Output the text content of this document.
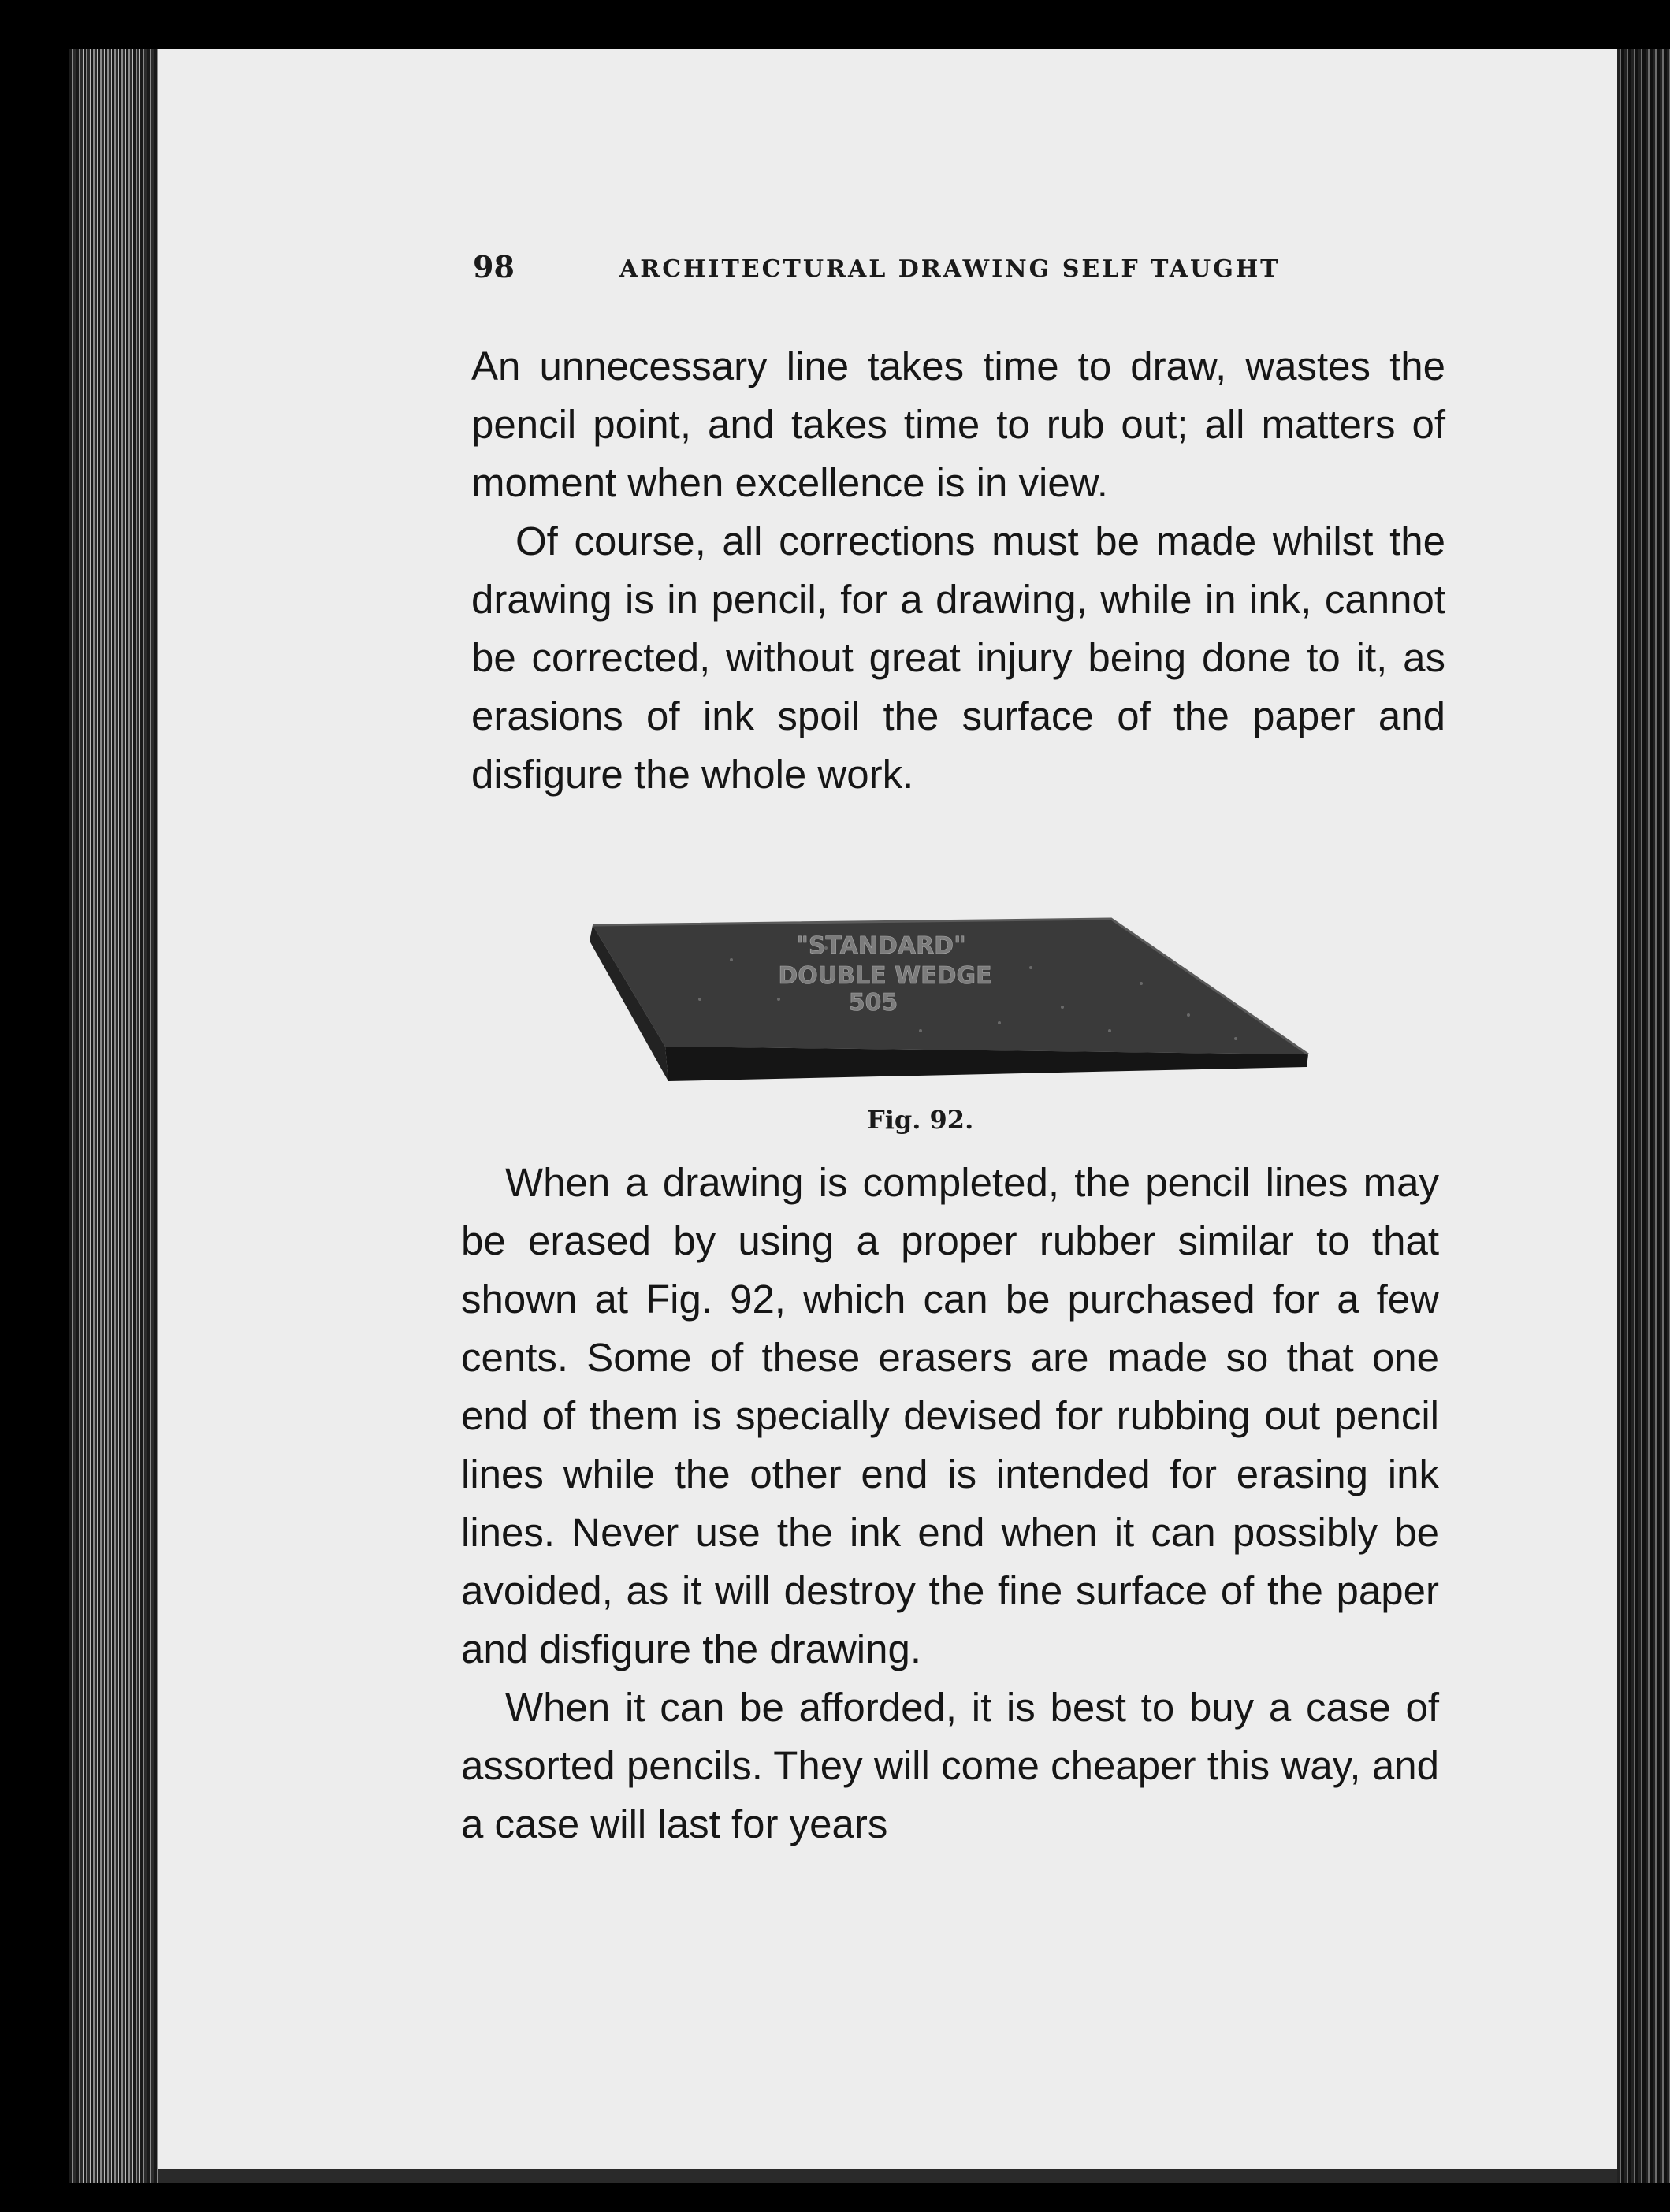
98	ARCHITECTURAL DRAWING SELF TAUGHT

An unnecessary line takes time to draw, wastes the pencil point, and takes time to rub out; all matters of moment when excellence is in view.

Of course, all corrections must be made whilst the drawing is in pencil, for a drawing, while in ink, cannot be corrected, without great injury being done to it, as erasions of ink spoil the surface of the paper and disfigure the whole work.

"STANDARD"
DOUBLE WEDGE
505
Fig. 92.

When a drawing is completed, the pencil lines may be erased by using a proper rubber similar to that shown at Fig. 92, which can be purchased for a few cents. Some of these erasers are made so that one end of them is specially devised for rubbing out pencil lines while the other end is intended for erasing ink lines. Never use the ink end when it can possibly be avoided, as it will destroy the fine surface of the paper and disfigure the drawing.

When it can be afforded, it is best to buy a case of assorted pencils. They will come cheaper this way, and a case will last for years
